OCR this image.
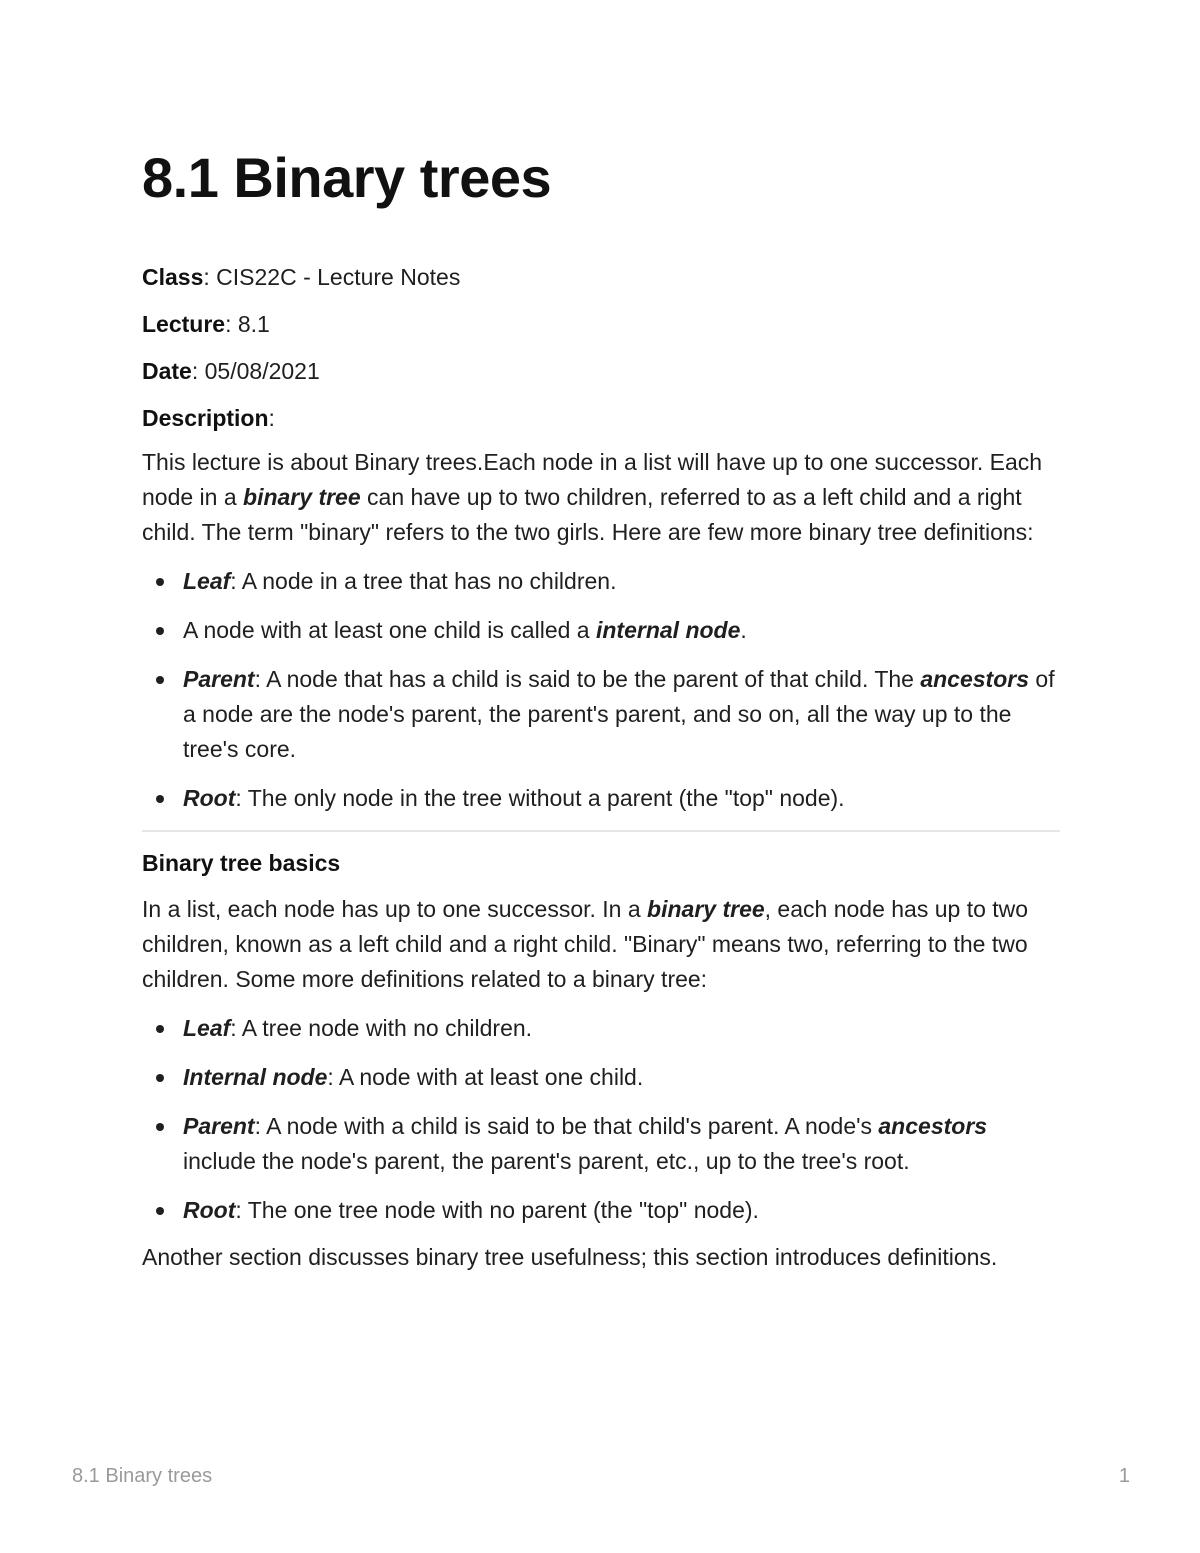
8.1 Binary trees

Class: CIS22C - Lecture Notes

Lecture: 8.1

Date: 05/08/2021

Description:

This lecture is about Binary trees.Each node in a list will have up to one successor. Each node in a binary tree can have up to two children, referred to as a left child and a right child. The term "binary" refers to the two girls. Here are few more binary tree definitions:

Leaf: A node in a tree that has no children.
A node with at least one child is called a internal node.
Parent: A node that has a child is said to be the parent of that child. The ancestors of a node are the node's parent, the parent's parent, and so on, all the way up to the tree's core.
Root: The only node in the tree without a parent (the "top" node).
Binary tree basics

In a list, each node has up to one successor. In a binary tree, each node has up to two children, known as a left child and a right child. "Binary" means two, referring to the two children. Some more definitions related to a binary tree:

Leaf: A tree node with no children.
Internal node: A node with at least one child.
Parent: A node with a child is said to be that child's parent. A node's ancestors include the node's parent, the parent's parent, etc., up to the tree's root.
Root: The one tree node with no parent (the "top" node).

Another section discusses binary tree usefulness; this section introduces definitions.

8.1 Binary trees	1
